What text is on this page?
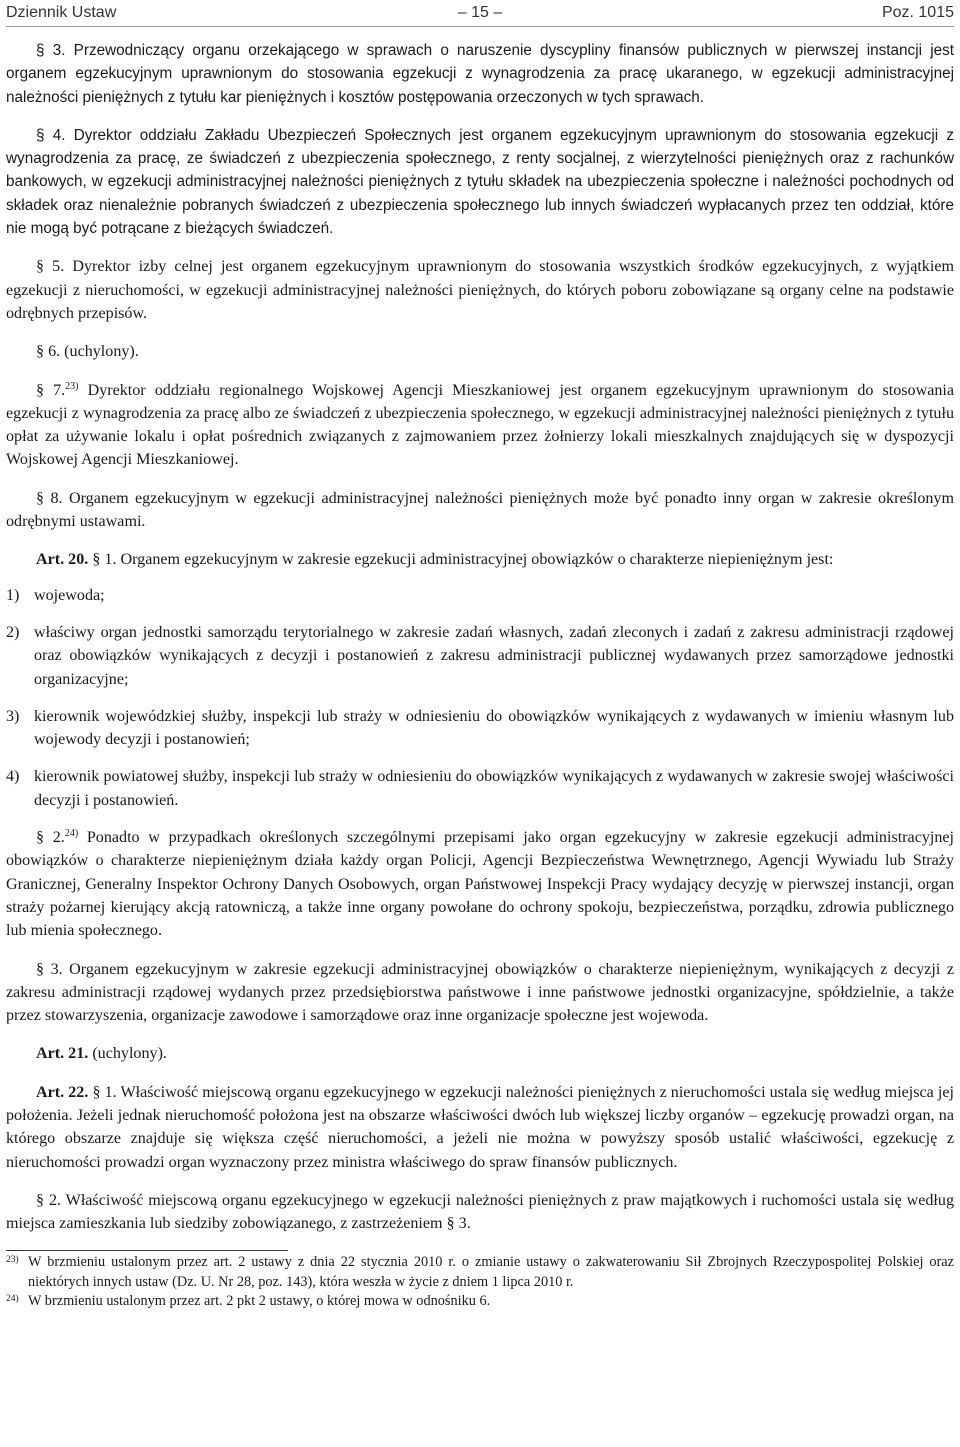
Dziennik Ustaw	– 15 –	Poz. 1015

§ 3. Przewodniczący organu orzekającego w sprawach o naruszenie dyscypliny finansów publicznych w pierwszej instancji jest organem egzekucyjnym uprawnionym do stosowania egzekucji z wynagrodzenia za pracę ukaranego, w egzekucji administracyjnej należności pieniężnych z tytułu kar pieniężnych i kosztów postępowania orzeczonych w tych sprawach.

§ 4. Dyrektor oddziału Zakładu Ubezpieczeń Społecznych jest organem egzekucyjnym uprawnionym do stosowania egzekucji z wynagrodzenia za pracę, ze świadczeń z ubezpieczenia społecznego, z renty socjalnej, z wierzytelności pieniężnych oraz z rachunków bankowych, w egzekucji administracyjnej należności pieniężnych z tytułu składek na ubezpieczenia społeczne i należności pochodnych od składek oraz nienależnie pobranych świadczeń z ubezpieczenia społecznego lub innych świadczeń wypłacanych przez ten oddział, które nie mogą być potrącane z bieżących świadczeń.

§ 5. Dyrektor izby celnej jest organem egzekucyjnym uprawnionym do stosowania wszystkich środków egzekucyjnych, z wyjątkiem egzekucji z nieruchomości, w egzekucji administracyjnej należności pieniężnych, do których poboru zobowiązane są organy celne na podstawie odrębnych przepisów.

§ 6. (uchylony).

§ 7.$^{23)}$ Dyrektor oddziału regionalnego Wojskowej Agencji Mieszkaniowej jest organem egzekucyjnym uprawnionym do stosowania egzekucji z wynagrodzenia za pracę albo ze świadczeń z ubezpieczenia społecznego, w egzekucji administracyjnej należności pieniężnych z tytułu opłat za używanie lokalu i opłat pośrednich związanych z zajmowaniem przez żołnierzy lokali mieszkalnych znajdujących się w dyspozycji Wojskowej Agencji Mieszkaniowej.

§ 8. Organem egzekucyjnym w egzekucji administracyjnej należności pieniężnych może być ponadto inny organ w zakresie określonym odrębnymi ustawami.

Art. 20. § 1. Organem egzekucyjnym w zakresie egzekucji administracyjnej obowiązków o charakterze niepieniężnym jest:

1) wojewoda;
2) właściwy organ jednostki samorządu terytorialnego w zakresie zadań własnych, zadań zleconych i zadań z zakresu administracji rządowej oraz obowiązków wynikających z decyzji i postanowień z zakresu administracji publicznej wydawanych przez samorządowe jednostki organizacyjne;
3) kierownik wojewódzkiej służby, inspekcji lub straży w odniesieniu do obowiązków wynikających z wydawanych w imieniu własnym lub wojewody decyzji i postanowień;
4) kierownik powiatowej służby, inspekcji lub straży w odniesieniu do obowiązków wynikających z wydawanych w zakresie swojej właściwości decyzji i postanowień.

§ 2.$^{24)}$ Ponadto w przypadkach określonych szczególnymi przepisami jako organ egzekucyjny w zakresie egzekucji administracyjnej obowiązków o charakterze niepieniężnym działa każdy organ Policji, Agencji Bezpieczeństwa Wewnętrznego, Agencji Wywiadu lub Straży Granicznej, Generalny Inspektor Ochrony Danych Osobowych, organ Państwowej Inspekcji Pracy wydający decyzję w pierwszej instancji, organ straży pożarnej kierujący akcją ratowniczą, a także inne organy powołane do ochrony spokoju, bezpieczeństwa, porządku, zdrowia publicznego lub mienia społecznego.

§ 3. Organem egzekucyjnym w zakresie egzekucji administracyjnej obowiązków o charakterze niepieniężnym, wynikających z decyzji z zakresu administracji rządowej wydanych przez przedsiębiorstwa państwowe i inne państwowe jednostki organizacyjne, spółdzielnie, a także przez stowarzyszenia, organizacje zawodowe i samorządowe oraz inne organizacje społeczne jest wojewoda.

Art. 21. (uchylony).

Art. 22. § 1. Właściwość miejscową organu egzekucyjnego w egzekucji należności pieniężnych z nieruchomości ustala się według miejsca jej położenia. Jeżeli jednak nieruchomość położona jest na obszarze właściwości dwóch lub większej liczby organów – egzekucję prowadzi organ, na którego obszarze znajduje się większa część nieruchomości, a jeżeli nie można w powyższy sposób ustalić właściwości, egzekucję z nieruchomości prowadzi organ wyznaczony przez ministra właściwego do spraw finansów publicznych.

§ 2. Właściwość miejscową organu egzekucyjnego w egzekucji należności pieniężnych z praw majątkowych i ruchomości ustala się według miejsca zamieszkania lub siedziby zobowiązanego, z zastrzeżeniem § 3.

23) W brzmieniu ustalonym przez art. 2 ustawy z dnia 22 stycznia 2010 r. o zmianie ustawy o zakwaterowaniu Sił Zbrojnych Rzeczypospolitej Polskiej oraz niektórych innych ustaw (Dz. U. Nr 28, poz. 143), która weszła w życie z dniem 1 lipca 2010 r.
24) W brzmieniu ustalonym przez art. 2 pkt 2 ustawy, o której mowa w odnośniku 6.
